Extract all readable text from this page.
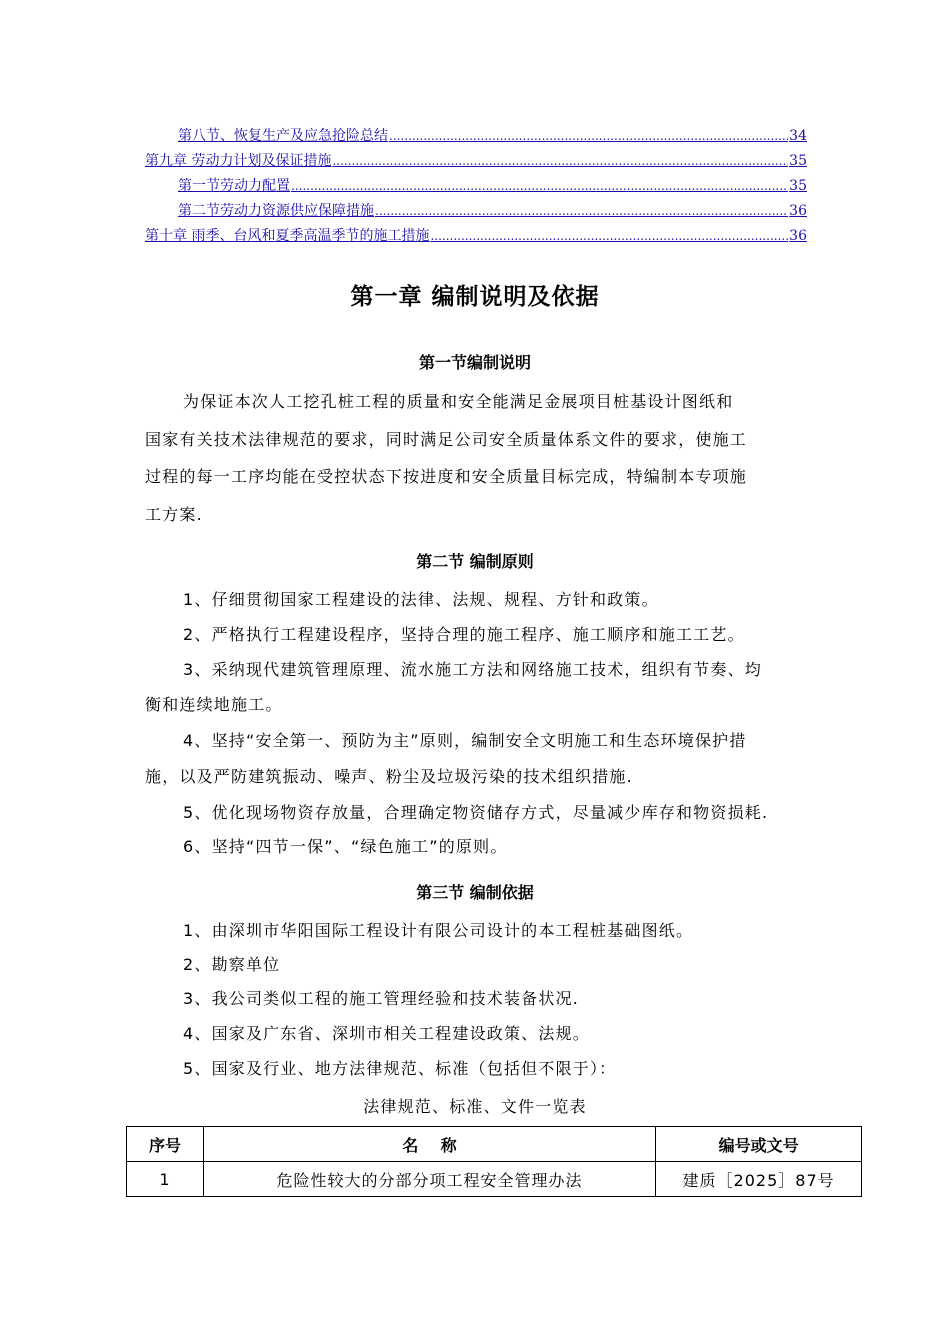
第八节、恢复生产及应急抢险总结 .....	34
第九章 劳动力计划及保证措施 .....	35
第一节劳动力配置 .....	35
第二节劳动力资源供应保障措施 .....	36
第十章 雨季、台风和夏季高温季节的施工措施 .....	36
第一章 编制说明及依据
第一节编制说明
为保证本次人工挖孔桩工程的质量和安全能满足金展项目桩基设计图纸和
国家有关技术法律规范的要求，同时满足公司安全质量体系文件的要求，使施工
过程的每一工序均能在受控状态下按进度和安全质量目标完成，特编制本专项施
工方案.
第二节 编制原则
1、仔细贯彻国家工程建设的法律、法规、规程、方针和政策。
2、严格执行工程建设程序，坚持合理的施工程序、施工顺序和施工工艺。
3、采纳现代建筑管理原理、流水施工方法和网络施工技术，组织有节奏、均
衡和连续地施工。
4、坚持“安全第一、预防为主”原则，编制安全文明施工和生态环境保护措
施，以及严防建筑振动、噪声、粉尘及垃圾污染的技术组织措施.
5、优化现场物资存放量，合理确定物资储存方式，尽量减少库存和物资损耗.
6、坚持“四节一保”、“绿色施工”的原则。
第三节 编制依据
1、由深圳市华阳国际工程设计有限公司设计的本工程桩基础图纸。
2、勘察单位
3、我公司类似工程的施工管理经验和技术装备状况.
4、国家及广东省、深圳市相关工程建设政策、法规。
5、国家及行业、地方法律规范、标准（包括但不限于）：
法律规范、标准、文件一览表
序号	名    称	编号或文号
1	危险性较大的分部分项工程安全管理办法	建质［2025］87号
